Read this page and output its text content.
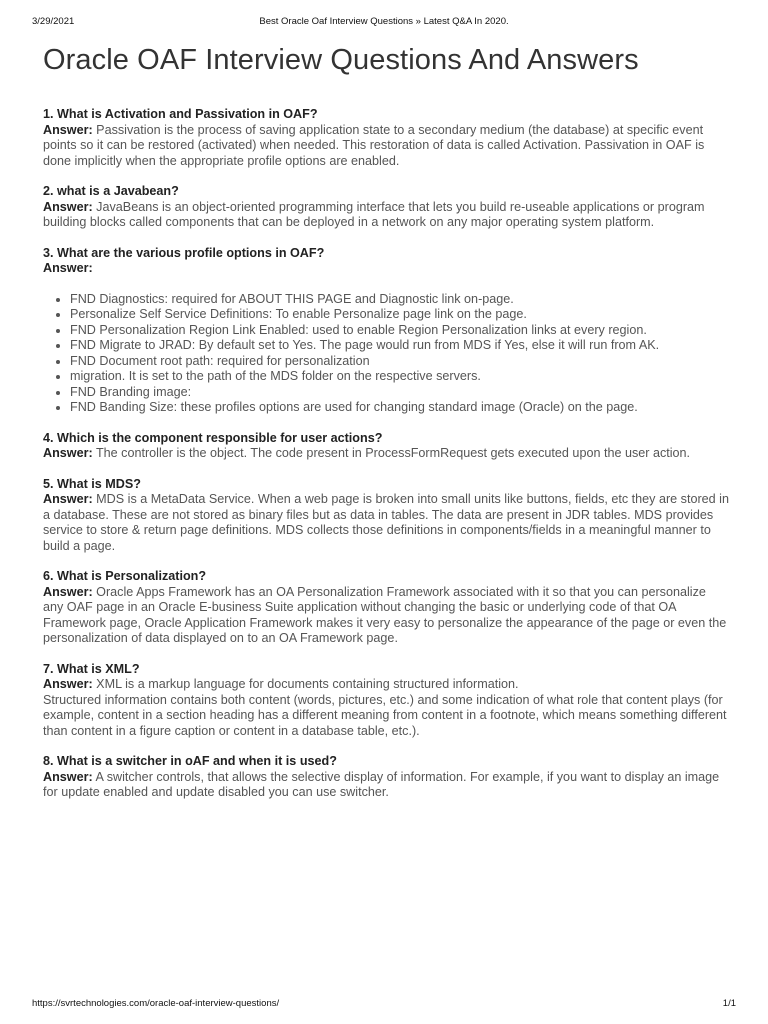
3/29/2021	Best Oracle Oaf Interview Questions » Latest Q&A In 2020.
Oracle OAF Interview Questions And Answers

1. What is Activation and Passivation in OAF?

Answer: Passivation is the process of saving application state to a secondary medium (the database) at specific event points so it can be restored (activated) when needed. This restoration of data is called Activation. Passivation in OAF is done implicitly when the appropriate profile options are enabled.

2. what is a Javabean?

Answer: JavaBeans is an object-oriented programming interface that lets you build re-useable applications or program building blocks called components that can be deployed in a network on any major operating system platform.

3. What are the various profile options in OAF?

Answer:

• FND Diagnostics: required for ABOUT THIS PAGE and Diagnostic link on-page.
• Personalize Self Service Definitions: To enable Personalize page link on the page.
• FND Personalization Region Link Enabled: used to enable Region Personalization links at every region.
• FND Migrate to JRAD: By default set to Yes. The page would run from MDS if Yes, else it will run from AK.
• FND Document root path: required for personalization
• migration. It is set to the path of the MDS folder on the respective servers.
• FND Branding image:
• FND Banding Size: these profiles options are used for changing standard image (Oracle) on the page.

4. Which is the component responsible for user actions?

Answer: The controller is the object. The code present in ProcessFormRequest gets executed upon the user action.

5. What is MDS?

Answer: MDS is a MetaData Service. When a web page is broken into small units like buttons, fields, etc they are stored in a database. These are not stored as binary files but as data in tables. The data are present in JDR tables. MDS provides service to store & return page definitions. MDS collects those definitions in components/fields in a meaningful manner to build a page.

6. What is Personalization?

Answer: Oracle Apps Framework has an OA Personalization Framework associated with it so that you can personalize any OAF page in an Oracle E-business Suite application without changing the basic or underlying code of that OA Framework page, Oracle Application Framework makes it very easy to personalize the appearance of the page or even the personalization of data displayed on to an OA Framework page.

7. What is XML?

Answer: XML is a markup language for documents containing structured information.

Structured information contains both content (words, pictures, etc.) and some indication of what role that content plays (for example, content in a section heading has a different meaning from content in a footnote, which means something different than content in a figure caption or content in a database table, etc.).

8. What is a switcher in oAF and when it is used?

Answer: A switcher controls, that allows the selective display of information. For example, if you want to display an image for update enabled and update disabled you can use switcher.

https://svrtechnologies.com/oracle-oaf-interview-questions/	1/1
